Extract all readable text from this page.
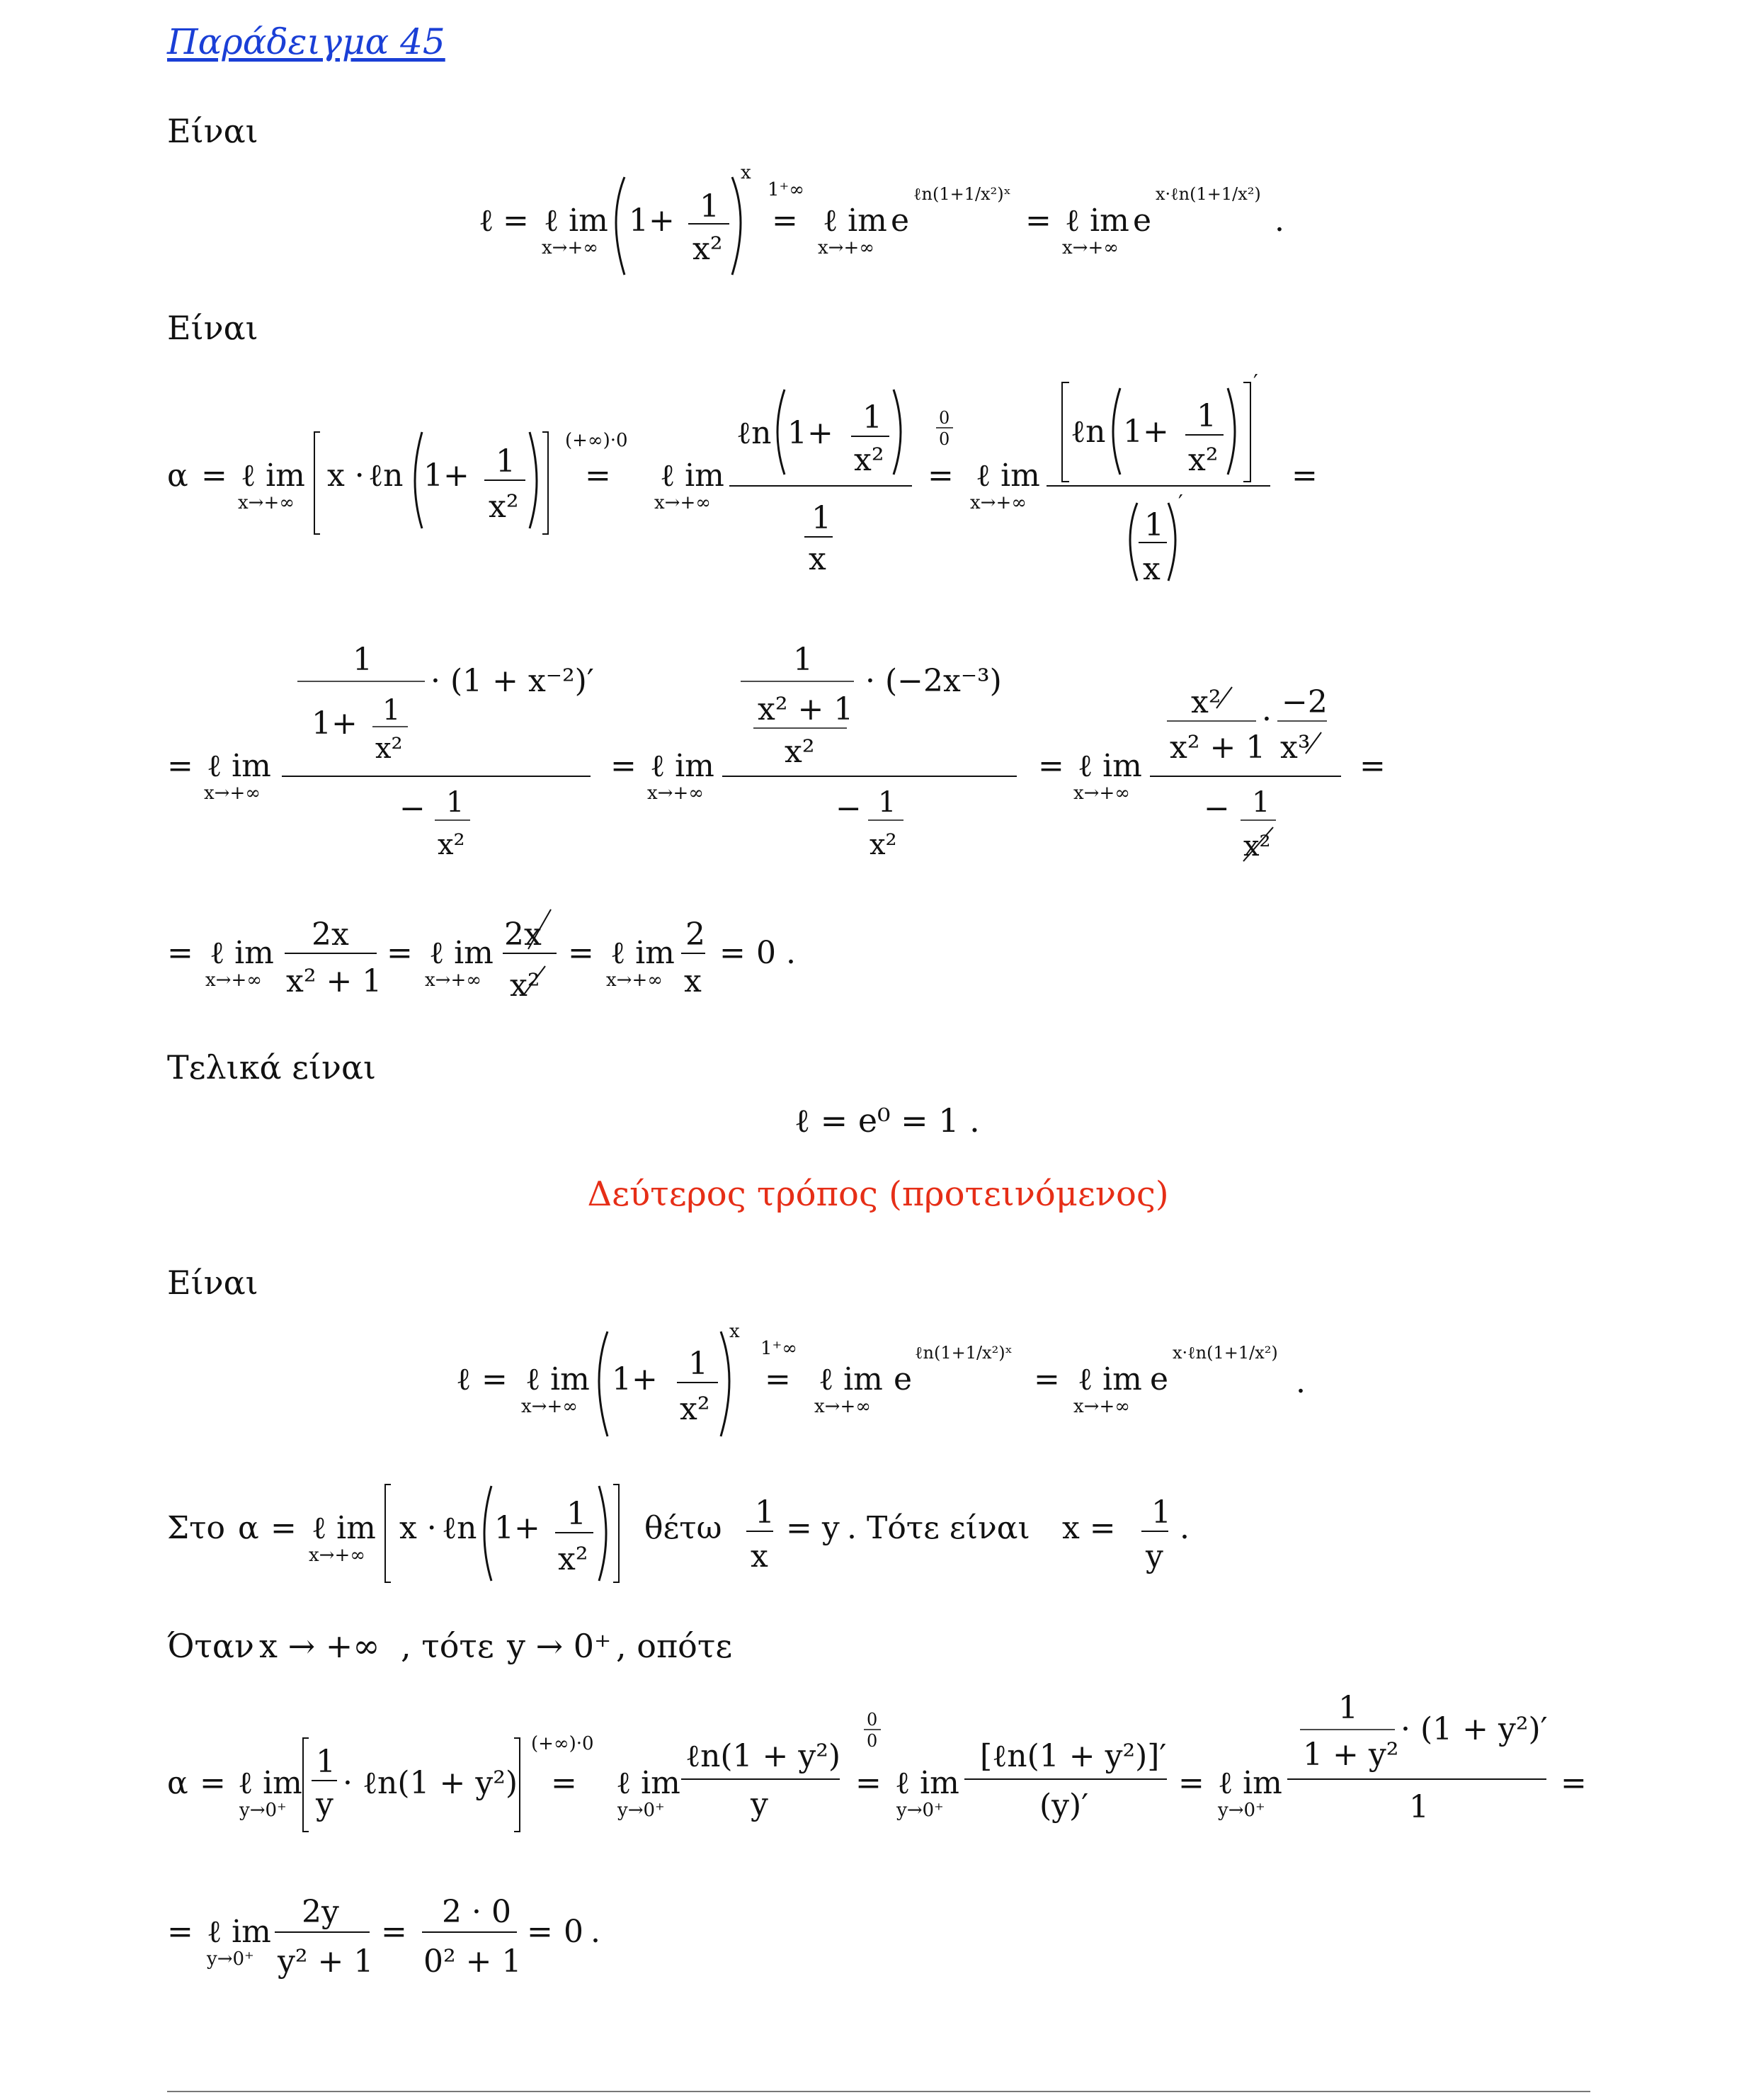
Παράδειγμα 45
Είναι
ℓ = ℓ im
x→+∞
1+ 1
x²
x
1⁺∞
= ℓ im
x→+∞
e
ℓn(1+1/x²)ˣ
= ℓ im
x→+∞
e
x·ℓn(1+1/x²)
.
Είναι
α = ℓ im
x→+∞
x · ℓn 1+ 1
x²
(+∞)·0
= ℓ im
x→+∞
ℓn 1+ 1
x²
1
x
0
0
= ℓ im
x→+∞
ℓn 1+ 1
x²
′
1
x
′
=
= ℓ im
x→+∞
1
1+ 1
x²
· (1 + x⁻²)′
− 1
x²
= ℓ im
x→+∞
1
x² + 1
x²
· (−2x⁻³)
− 1
x²
= ℓ im
x→+∞
x²
x² + 1
· −2
x³
− 1
x²
=
= ℓ im
x→+∞
2x
x² + 1
= ℓ im
x→+∞
2x
x²
= ℓ im
x→+∞
2
x
= 0 .
Τελικά είναι
ℓ = e⁰ = 1 .
Δεύτερος τρόπος (προτεινόμενος)
Είναι
ℓ = ℓ im
x→+∞
1+ 1
x²
x
1⁺∞
= ℓ im
x→+∞
e
ℓn(1+1/x²)ˣ
= ℓ im
x→+∞
e
x·ℓn(1+1/x²)
.
Στο α = ℓ im
x→+∞
x · ℓn 1+ 1
x²
θέτω 1
x
= y . Τότε είναι x = 1
y
.
Όταν x → +∞ , τότε y → 0⁺ , οπότε
α = ℓ im
y→0⁺
1
y
· ℓn(1 + y²)
(+∞)·0
= ℓ im
y→0⁺
ℓn(1 + y²)
y
0
0
= ℓ im
y→0⁺
[ℓn(1 + y²)]′
(y)′
= ℓ im
y→0⁺
1
1 + y²
· (1 + y²)′
1
=
= ℓ im
y→0⁺
2y
y² + 1
=
2 · 0
0² + 1
= 0 .
